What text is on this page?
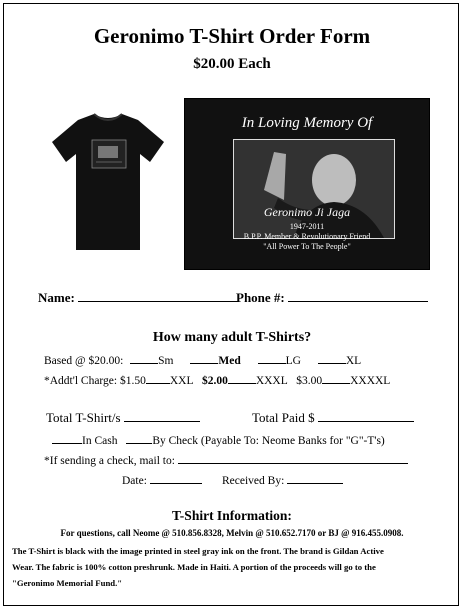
Geronimo T-Shirt Order Form
$20.00 Each
In Loving Memory Of
Geronimo Ji Jaga
1947-2011
B.P.P. Member & Revolutionary Friend
"All Power To The People"
Name:	Phone #:
How many adult T-Shirts?
Based @ $20.00:	Sm	Med	LG	XL
*Addt'l Charge: $1.50 XXL $2.00 XXXL $3.00 XXXXL
Total T-Shirt/s	Total Paid $
In Cash	By Check (Payable To: Neome Banks for "G"-T's)
*If sending a check, mail to:
Date:	Received By:
T-Shirt Information:
For questions, call Neome @ 510.856.8328, Melvin @ 510.652.7170 or BJ @ 916.455.0908.
The T-Shirt is black with the image printed in steel gray ink on the front. The brand is Gildan Active
Wear. The fabric is 100% cotton preshrunk. Made in Haiti. A portion of the proceeds will go to the
"Geronimo Memorial Fund."
